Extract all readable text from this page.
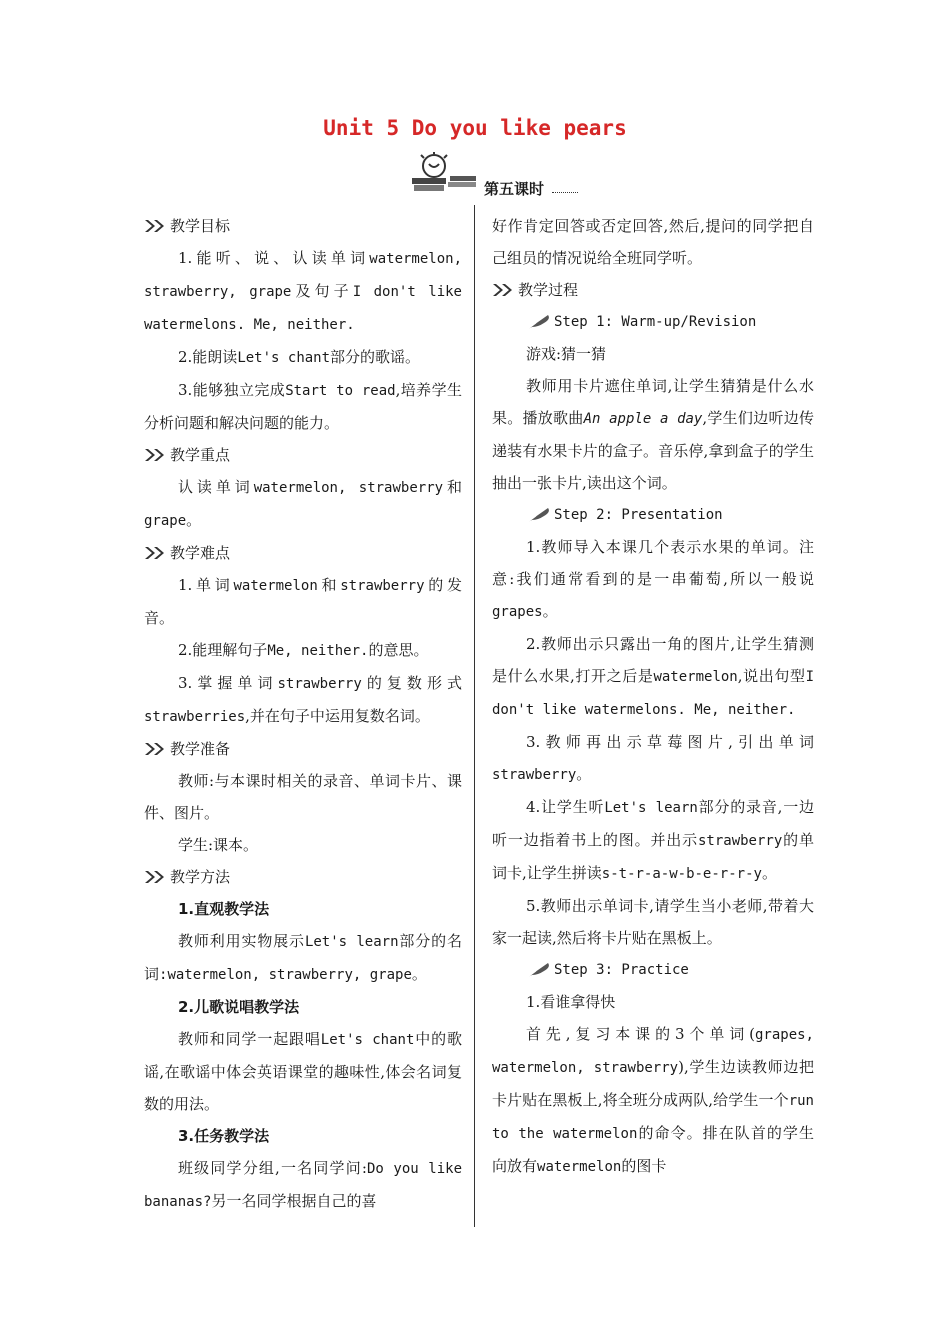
Unit 5 Do you like pears
第五课时
教学目标

1.能听、说、认读单词watermelon, strawberry, grape及句子I don't like watermelons. Me, neither.

2.能朗读Let's chant部分的歌谣。

3.能够独立完成Start to read,培养学生分析问题和解决问题的能力。

教学重点

认读单词watermelon, strawberry和grape。

教学难点

1.单词watermelon和strawberry的发音。

2.能理解句子Me, neither.的意思。

3.掌握单词strawberry的复数形式strawberries,并在句子中运用复数名词。

教学准备

教师:与本课时相关的录音、单词卡片、课件、图片。

学生:课本。

教学方法

1.直观教学法

教师利用实物展示Let's learn部分的名词:watermelon, strawberry, grape。

2.儿歌说唱教学法

教师和同学一起跟唱Let's chant中的歌谣,在歌谣中体会英语课堂的趣味性,体会名词复数的用法。

3.任务教学法

班级同学分组,一名同学问:Do you like bananas?另一名同学根据自己的喜

好作肯定回答或否定回答,然后,提问的同学把自己组员的情况说给全班同学听。

教学过程
Step 1: Warm-up/Revision

游戏:猜一猜

教师用卡片遮住单词,让学生猜猜是什么水果。播放歌曲An apple a day,学生们边听边传递装有水果卡片的盒子。音乐停,拿到盒子的学生抽出一张卡片,读出这个词。

Step 2: Presentation

1.教师导入本课几个表示水果的单词。注意:我们通常看到的是一串葡萄,所以一般说grapes。

2.教师出示只露出一角的图片,让学生猜测是什么水果,打开之后是watermelon,说出句型I don't like watermelons. Me, neither.

3.教师再出示草莓图片,引出单词strawberry。

4.让学生听Let's learn部分的录音,一边听一边指着书上的图。并出示strawberry的单词卡,让学生拼读s-t-r-a-w-b-e-r-r-y。

5.教师出示单词卡,请学生当小老师,带着大家一起读,然后将卡片贴在黑板上。

Step 3: Practice

1.看谁拿得快

首先,复习本课的3个单词(grapes, watermelon, strawberry),学生边读教师边把卡片贴在黑板上,将全班分成两队,给学生一个run to the watermelon的命令。排在队首的学生向放有watermelon的图卡
